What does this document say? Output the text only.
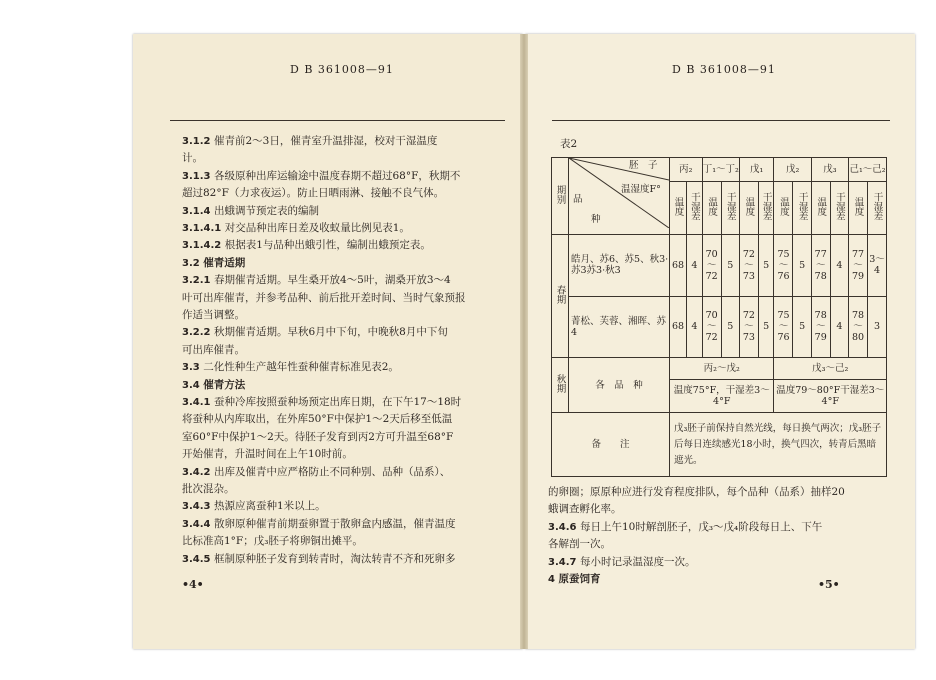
D B 361008—91
3.1.2 催青前2～3日，催青室升温排湿，校对干湿温度
计。
3.1.3 各级原种出库运输途中温度春期不超过68°F，秋期不
超过82°F（力求夜运）。防止日晒雨淋、接触不良气体。
3.1.4 出蛾调节预定表的编制
3.1.4.1 对交品种出库日差及收蚁量比例见表1。
3.1.4.2 根据表1与品种出蛾引性，编制出蛾预定表。
3.2 催青适期
3.2.1 春期催青适期。早生桑开放4～5叶，湖桑开放3～4
叶可出库催青，并参考品种、前后批开差时间、当时气象预报
作适当调整。
3.2.2 秋期催青适期。早秋6月中下旬，中晚秋8月中下旬
可出库催青。
3.3 二化性种生产越年性蚕种催青标准见表2。
3.4 催青方法
3.4.1 蚕种冷库按照蚕种场预定出库日期，在下午17～18时
将蚕种从内库取出，在外库50°F中保护1～2天后移至低温
室60°F中保护1～2天。待胚子发育到丙2方可升温至68°F
开始催青，升温时间在上午10时前。
3.4.2 出库及催青中应严格防止不同种别、品种（品系）、
批次混杂。
3.4.3 热源应离蚕种1米以上。
3.4.4 散卵原种催青前期蚕卵置于散卵盒内感温，催青温度
比标准高1°F；戊₃胚子将卵铜出摊平。
3.4.5 框制原种胚子发育到转青时，淘汰转青不齐和死卵多
•4•
D B 361008—91
表2
期别	胚　子
温湿度F°
品
种	丙₂		丁₁～丁₂		戊₁		戊₂		戊₃		己₁～己₂	
		温度	干湿差	温度	干湿差	温度	干湿差	温度	干湿差	温度	干湿差	温度	干湿差
春期	皓月、苏6、苏5、秋3·苏3苏3·秋3	68	4	70～72	5	72～73	5	75～76	5	77～78	4	77～79	3～4
	菁松、芙蓉、湘晖、苏4	68	4	70～72	5	72～73	5	75～76	5	78～79	4	78～80	3
秋期	各　品　种	丙₂～戊₂						戊₃～己₂					
		温度75°F，干湿差3～4°F						温度79～80°F干湿差3～4°F					
备　　注		戊₃胚子前保持自然光线，每日换气两次；戊₃胚子后每日连续感光18小时，换气四次，转青后黑暗遮光。											
的卵圈；原原种应进行发育程度排队，每个品种（品系）抽样20
蛾调查孵化率。
3.4.6 每日上午10时解剖胚子，戊₃～戊₄阶段每日上、下午
各解剖一次。
3.4.7 每小时记录温湿度一次。
4 原蚕饲育	•5•
